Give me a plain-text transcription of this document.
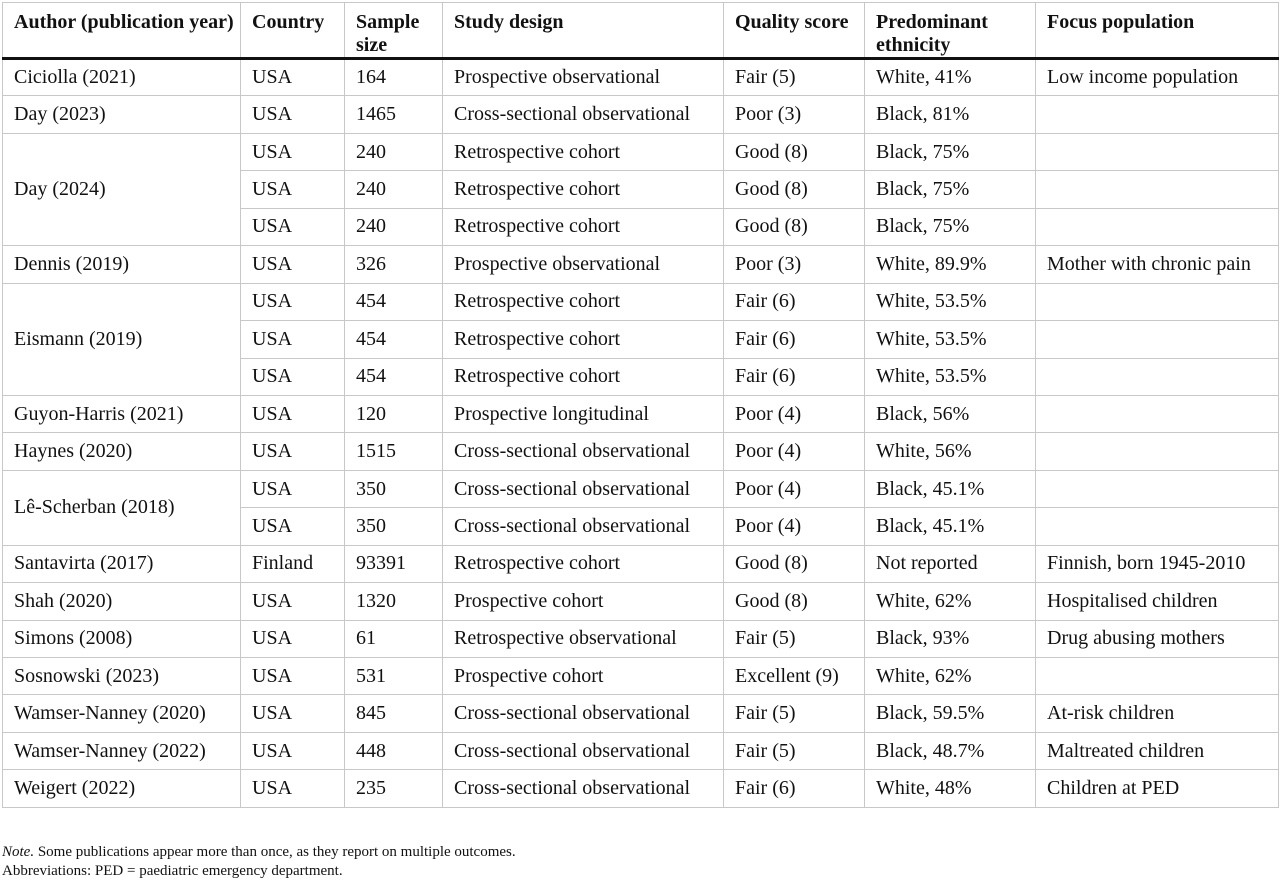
Author (publication year)	Country	Sample size	Study design	Quality score	Predominant ethnicity	Focus population
Ciciolla (2021)	USA	164	Prospective observational	Fair (5)	White, 41%	Low income population
Day (2023)	USA	1465	Cross-sectional observational	Poor (3)	Black, 81%	
Day (2024)	USA	240	Retrospective cohort	Good (8)	Black, 75%	
	USA	240	Retrospective cohort	Good (8)	Black, 75%	
	USA	240	Retrospective cohort	Good (8)	Black, 75%	
Dennis (2019)	USA	326	Prospective observational	Poor (3)	White, 89.9%	Mother with chronic pain
Eismann (2019)	USA	454	Retrospective cohort	Fair (6)	White, 53.5%	
	USA	454	Retrospective cohort	Fair (6)	White, 53.5%	
	USA	454	Retrospective cohort	Fair (6)	White, 53.5%	
Guyon-Harris (2021)	USA	120	Prospective longitudinal	Poor (4)	Black, 56%	
Haynes (2020)	USA	1515	Cross-sectional observational	Poor (4)	White, 56%	
Lê-Scherban (2018)	USA	350	Cross-sectional observational	Poor (4)	Black, 45.1%	
	USA	350	Cross-sectional observational	Poor (4)	Black, 45.1%	
Santavirta (2017)	Finland	93391	Retrospective cohort	Good (8)	Not reported	Finnish, born 1945-2010
Shah (2020)	USA	1320	Prospective cohort	Good (8)	White, 62%	Hospitalised children
Simons (2008)	USA	61	Retrospective observational	Fair (5)	Black, 93%	Drug abusing mothers
Sosnowski (2023)	USA	531	Prospective cohort	Excellent (9)	White, 62%	
Wamser-Nanney (2020)	USA	845	Cross-sectional observational	Fair (5)	Black, 59.5%	At-risk children
Wamser-Nanney (2022)	USA	448	Cross-sectional observational	Fair (5)	Black, 48.7%	Maltreated children
Weigert (2022)	USA	235	Cross-sectional observational	Fair (6)	White, 48%	Children at PED
Note. Some publications appear more than once, as they report on multiple outcomes.
Abbreviations: PED = paediatric emergency department.
